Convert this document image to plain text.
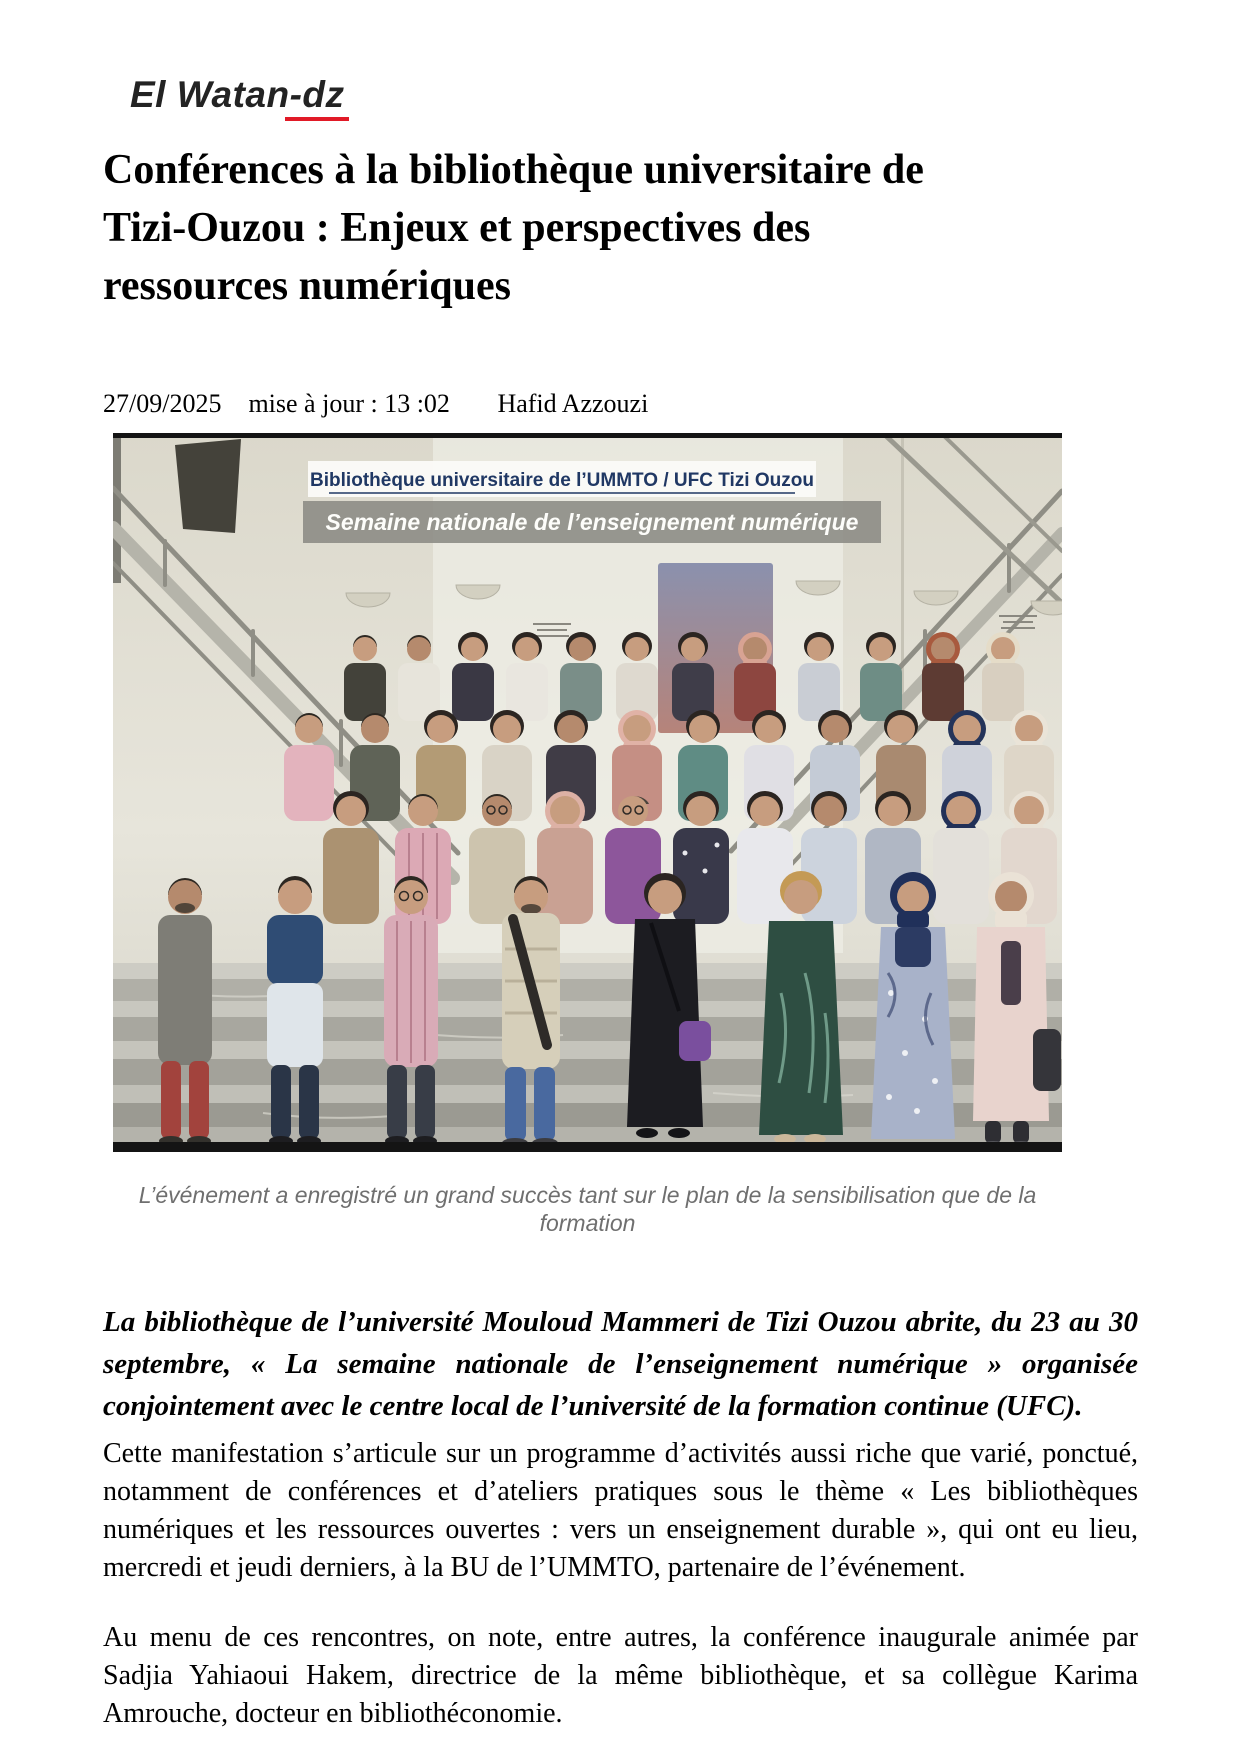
El Watan-dz
Conférences à la bibliothèque universitaire de
Tizi-Ouzou : Enjeux et perspectives des
ressources numériques
27/09/2025 mise à jour : 13 :02 Hafid Azzouzi
Bibliothèque universitaire de l’UMMTO / UFC Tizi Ouzou
Semaine nationale de l’enseignement numérique
L’événement a enregistré un grand succès tant sur le plan de la sensibilisation que de la formation

La bibliothèque de l’université Mouloud Mammeri de Tizi Ouzou abrite, du 23 au 30 septembre, « La semaine nationale de l’enseignement numérique » organisée conjointement avec le centre local de l’université de la formation continue (UFC).

Cette manifestation s’articule sur un programme d’activités aussi riche que varié, ponctué, notamment de conférences et d’ateliers pratiques sous le thème « Les bibliothèques numériques et les ressources ouvertes : vers un enseignement durable », qui ont eu lieu, mercredi et jeudi derniers, à la BU de l’UMMTO, partenaire de l’événement.

Au menu de ces rencontres, on note, entre autres, la conférence inaugurale animée par Sadjia Yahiaoui Hakem, directrice de la même bibliothèque, et sa collègue Karima Amrouche, docteur en bibliothéconomie.
